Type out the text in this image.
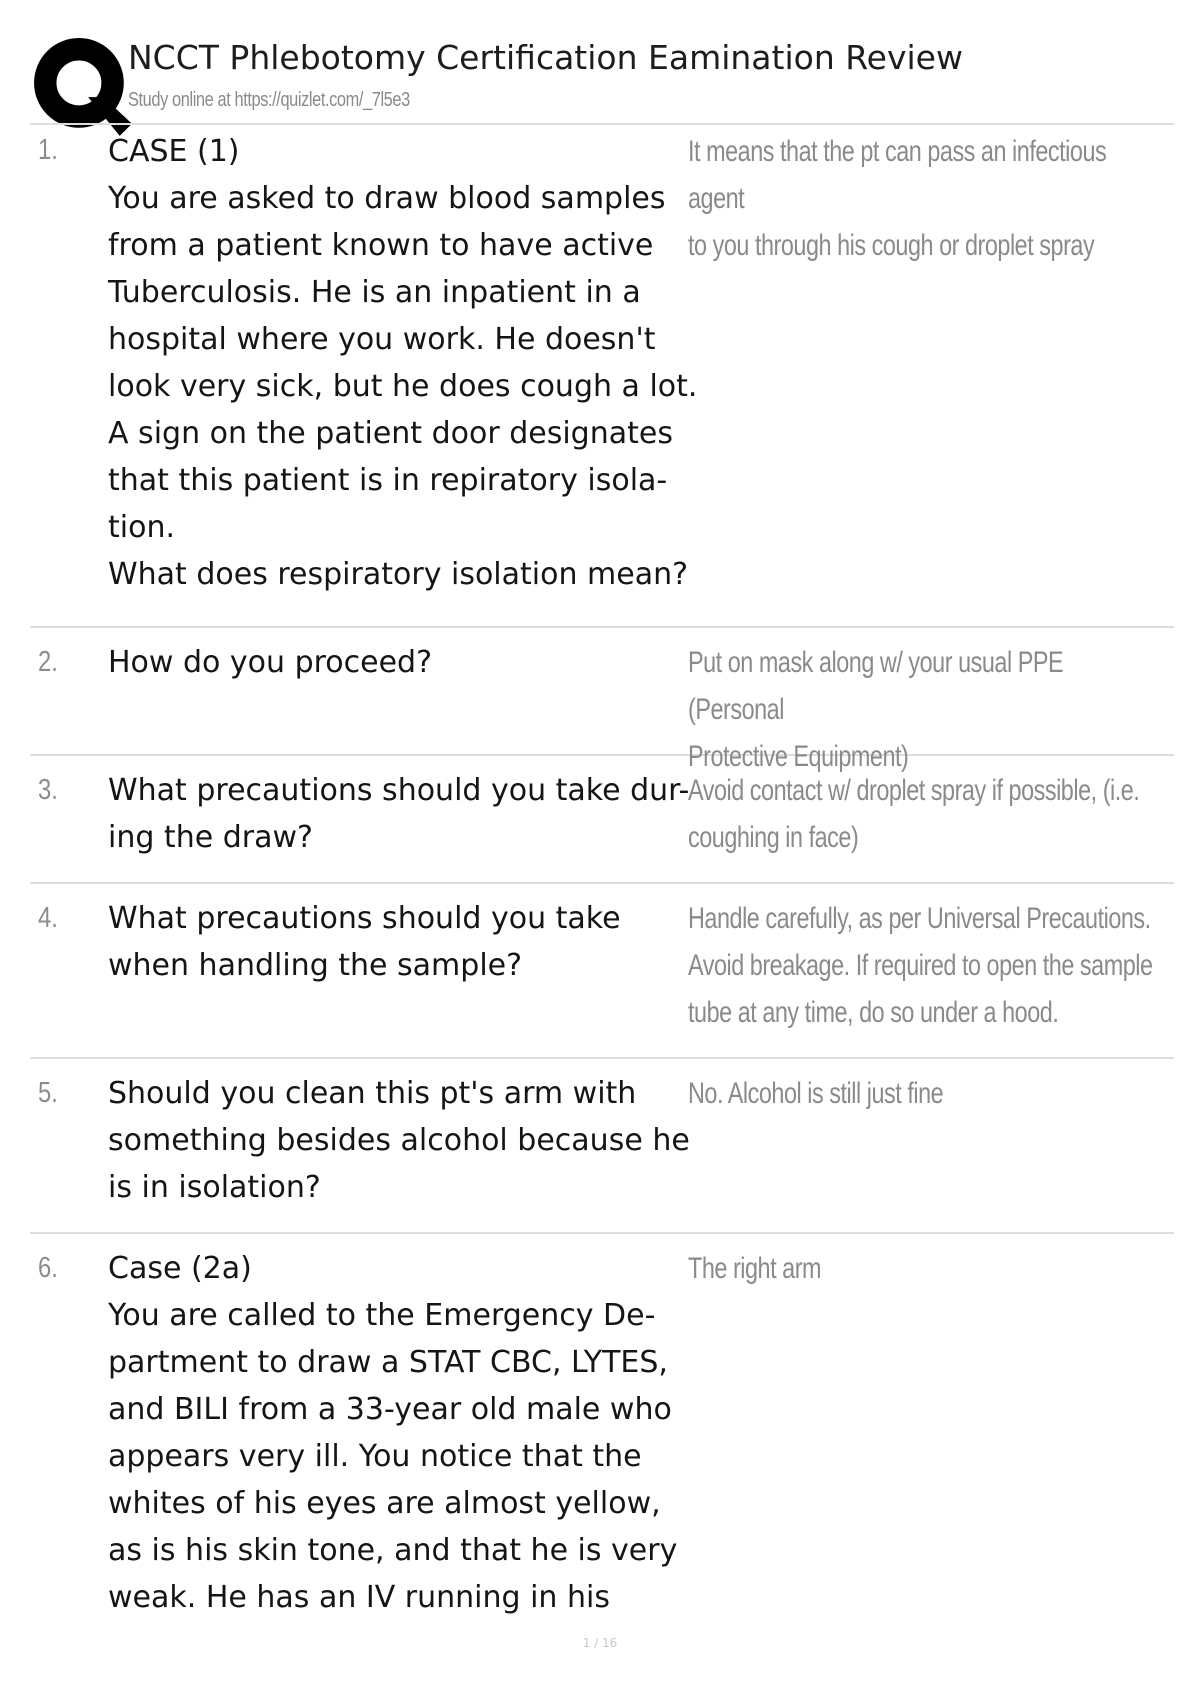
NCCT Phlebotomy Certification Eamination Review
Study online at https://quizlet.com/_7l5e3
1. CASE (1)
You are asked to draw blood samples
from a patient known to have active
Tuberculosis. He is an inpatient in a
hospital where you work. He doesn't
look very sick, but he does cough a lot.
A sign on the patient door designates
that this patient is in repiratory isola-
tion.
What does respiratory isolation mean?
It means that the pt can pass an infectious agent
to you through his cough or droplet spray
2. How do you proceed?	Put on mask along w/ your usual PPE (Personal
Protective Equipment)
3. What precautions should you take dur-
ing the draw?
Avoid contact w/ droplet spray if possible, (i.e.
coughing in face)
4. What precautions should you take
when handling the sample?
Handle carefully, as per Universal Precautions.
Avoid breakage. If required to open the sample
tube at any time, do so under a hood.
5. Should you clean this pt's arm with
something besides alcohol because he
is in isolation?
No. Alcohol is still just fine
6. Case (2a)
You are called to the Emergency De-
partment to draw a STAT CBC, LYTES,
and BILI from a 33-year old male who
appears very ill. You notice that the
whites of his eyes are almost yellow,
as is his skin tone, and that he is very
weak. He has an IV running in his
The right arm
1 / 16
